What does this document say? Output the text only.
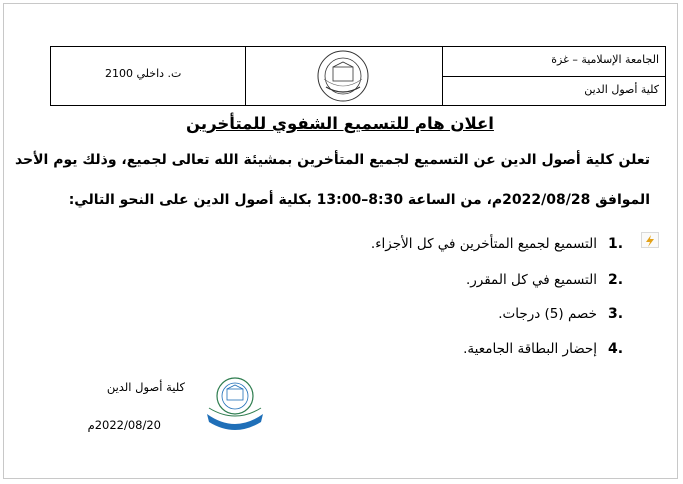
الجامعة الإسلامية – غزة
كلية أصول الدين
ت. داخلي 2100
اعلان هام للتسميع الشفوي للمتأخرين
تعلن كلية أصول الدين عن التسميع لجميع المتأخرين بمشيئة الله تعالى لجميع، وذلك يوم الأحد
الموافق 2022/08/28م، من الساعة 8:30–13:00 بكلية أصول الدين على النحو التالي:
1.
التسميع لجميع المتأخرين في كل الأجزاء.
2.
التسميع في كل المقرر.
3.
خصم (5) درجات.
4.
إحضار البطاقة الجامعية.
كلية أصول الدين
2022/08/20م
